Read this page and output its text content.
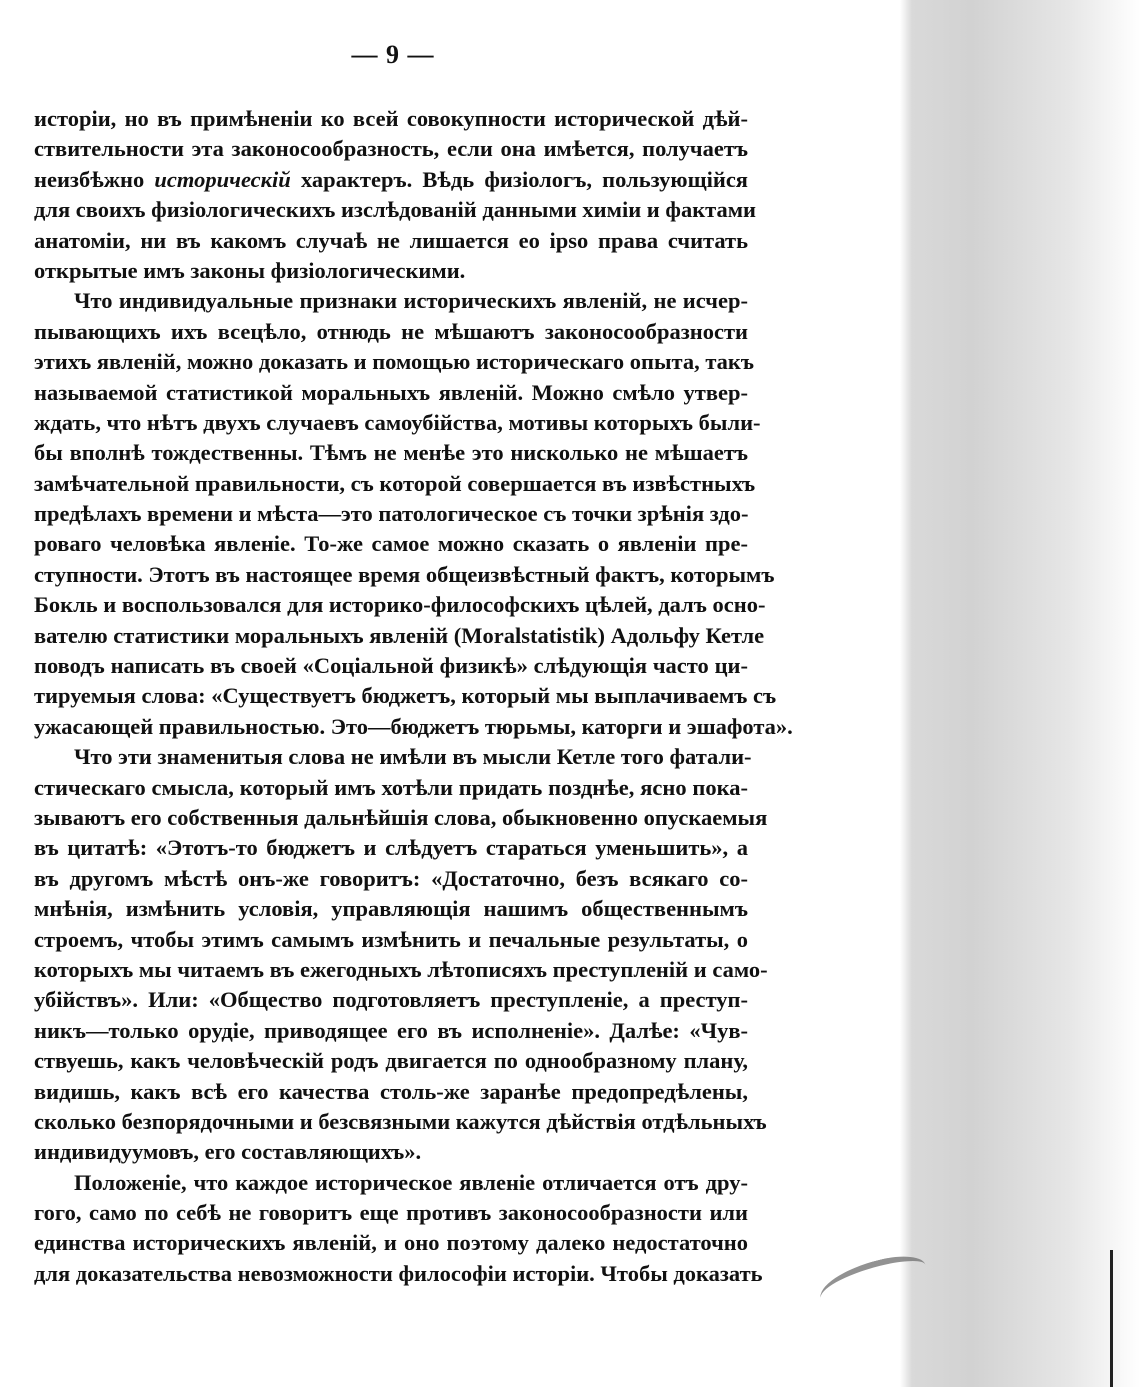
— 9 —
исторіи, но въ примѣненіи ко всей совокупности исторической дѣй-
ствительности эта законосообразность, если она имѣется, получаетъ
неизбѣжно историческій характеръ. Вѣдь физіологъ, пользующійся
для своихъ физіологическихъ изслѣдованій данными химіи и фактами
анатоміи, ни въ какомъ случаѣ не лишается eo ipso права считать
открытые имъ законы физіологическими.
Что индивидуальные признаки историческихъ явленій, не исчер-
пывающихъ ихъ всецѣло, отнюдь не мѣшаютъ законосообразности
этихъ явленій, можно доказать и помощью историческаго опыта, такъ
называемой статистикой моральныхъ явленій. Можно смѣло утвер-
ждать, что нѣтъ двухъ случаевъ самоубійства, мотивы которыхъ были-
бы вполнѣ тождественны. Тѣмъ не менѣе это нисколько не мѣшаетъ
замѣчательной правильности, съ которой совершается въ извѣстныхъ
предѣлахъ времени и мѣста—это патологическое съ точки зрѣнія здо-
роваго человѣка явленіе. То-же самое можно сказать о явленіи пре-
ступности. Этотъ въ настоящее время общеизвѣстный фактъ, которымъ
Бокль и воспользовался для историко-философскихъ цѣлей, далъ осно-
вателю статистики моральныхъ явленій (Moralstatistik) Адольфу Кетле
поводъ написать въ своей «Соціальной физикѣ» слѣдующія часто ци-
тируемыя слова: «Существуетъ бюджетъ, который мы выплачиваемъ съ
ужасающей правильностью. Это—бюджетъ тюрьмы, каторги и эшафота».
Что эти знаменитыя слова не имѣли въ мысли Кетле того фатали-
стическаго смысла, который имъ хотѣли придать позднѣе, ясно пока-
зываютъ его собственныя дальнѣйшія слова, обыкновенно опускаемыя
въ цитатѣ: «Этотъ-то бюджетъ и слѣдуетъ стараться уменьшить», а
въ другомъ мѣстѣ онъ-же говоритъ: «Достаточно, безъ всякаго со-
мнѣнія, измѣнить условія, управляющія нашимъ общественнымъ
строемъ, чтобы этимъ самымъ измѣнить и печальные результаты, о
которыхъ мы читаемъ въ ежегодныхъ лѣтописяхъ преступленій и само-
убійствъ». Или: «Общество подготовляетъ преступленіе, а преступ-
никъ—только орудіе, приводящее его въ исполненіе». Далѣе: «Чув-
ствуешь, какъ человѣческій родъ двигается по однообразному плану,
видишь, какъ всѣ его качества столь-же заранѣе предопредѣлены,
сколько безпорядочными и безсвязными кажутся дѣйствія отдѣльныхъ
индивидуумовъ, его составляющихъ».
Положеніе, что каждое историческое явленіе отличается отъ дру-
гого, само по себѣ не говоритъ еще противъ законосообразности или
единства историческихъ явленій, и оно поэтому далеко недостаточно
для доказательства невозможности философіи исторіи. Чтобы доказать
